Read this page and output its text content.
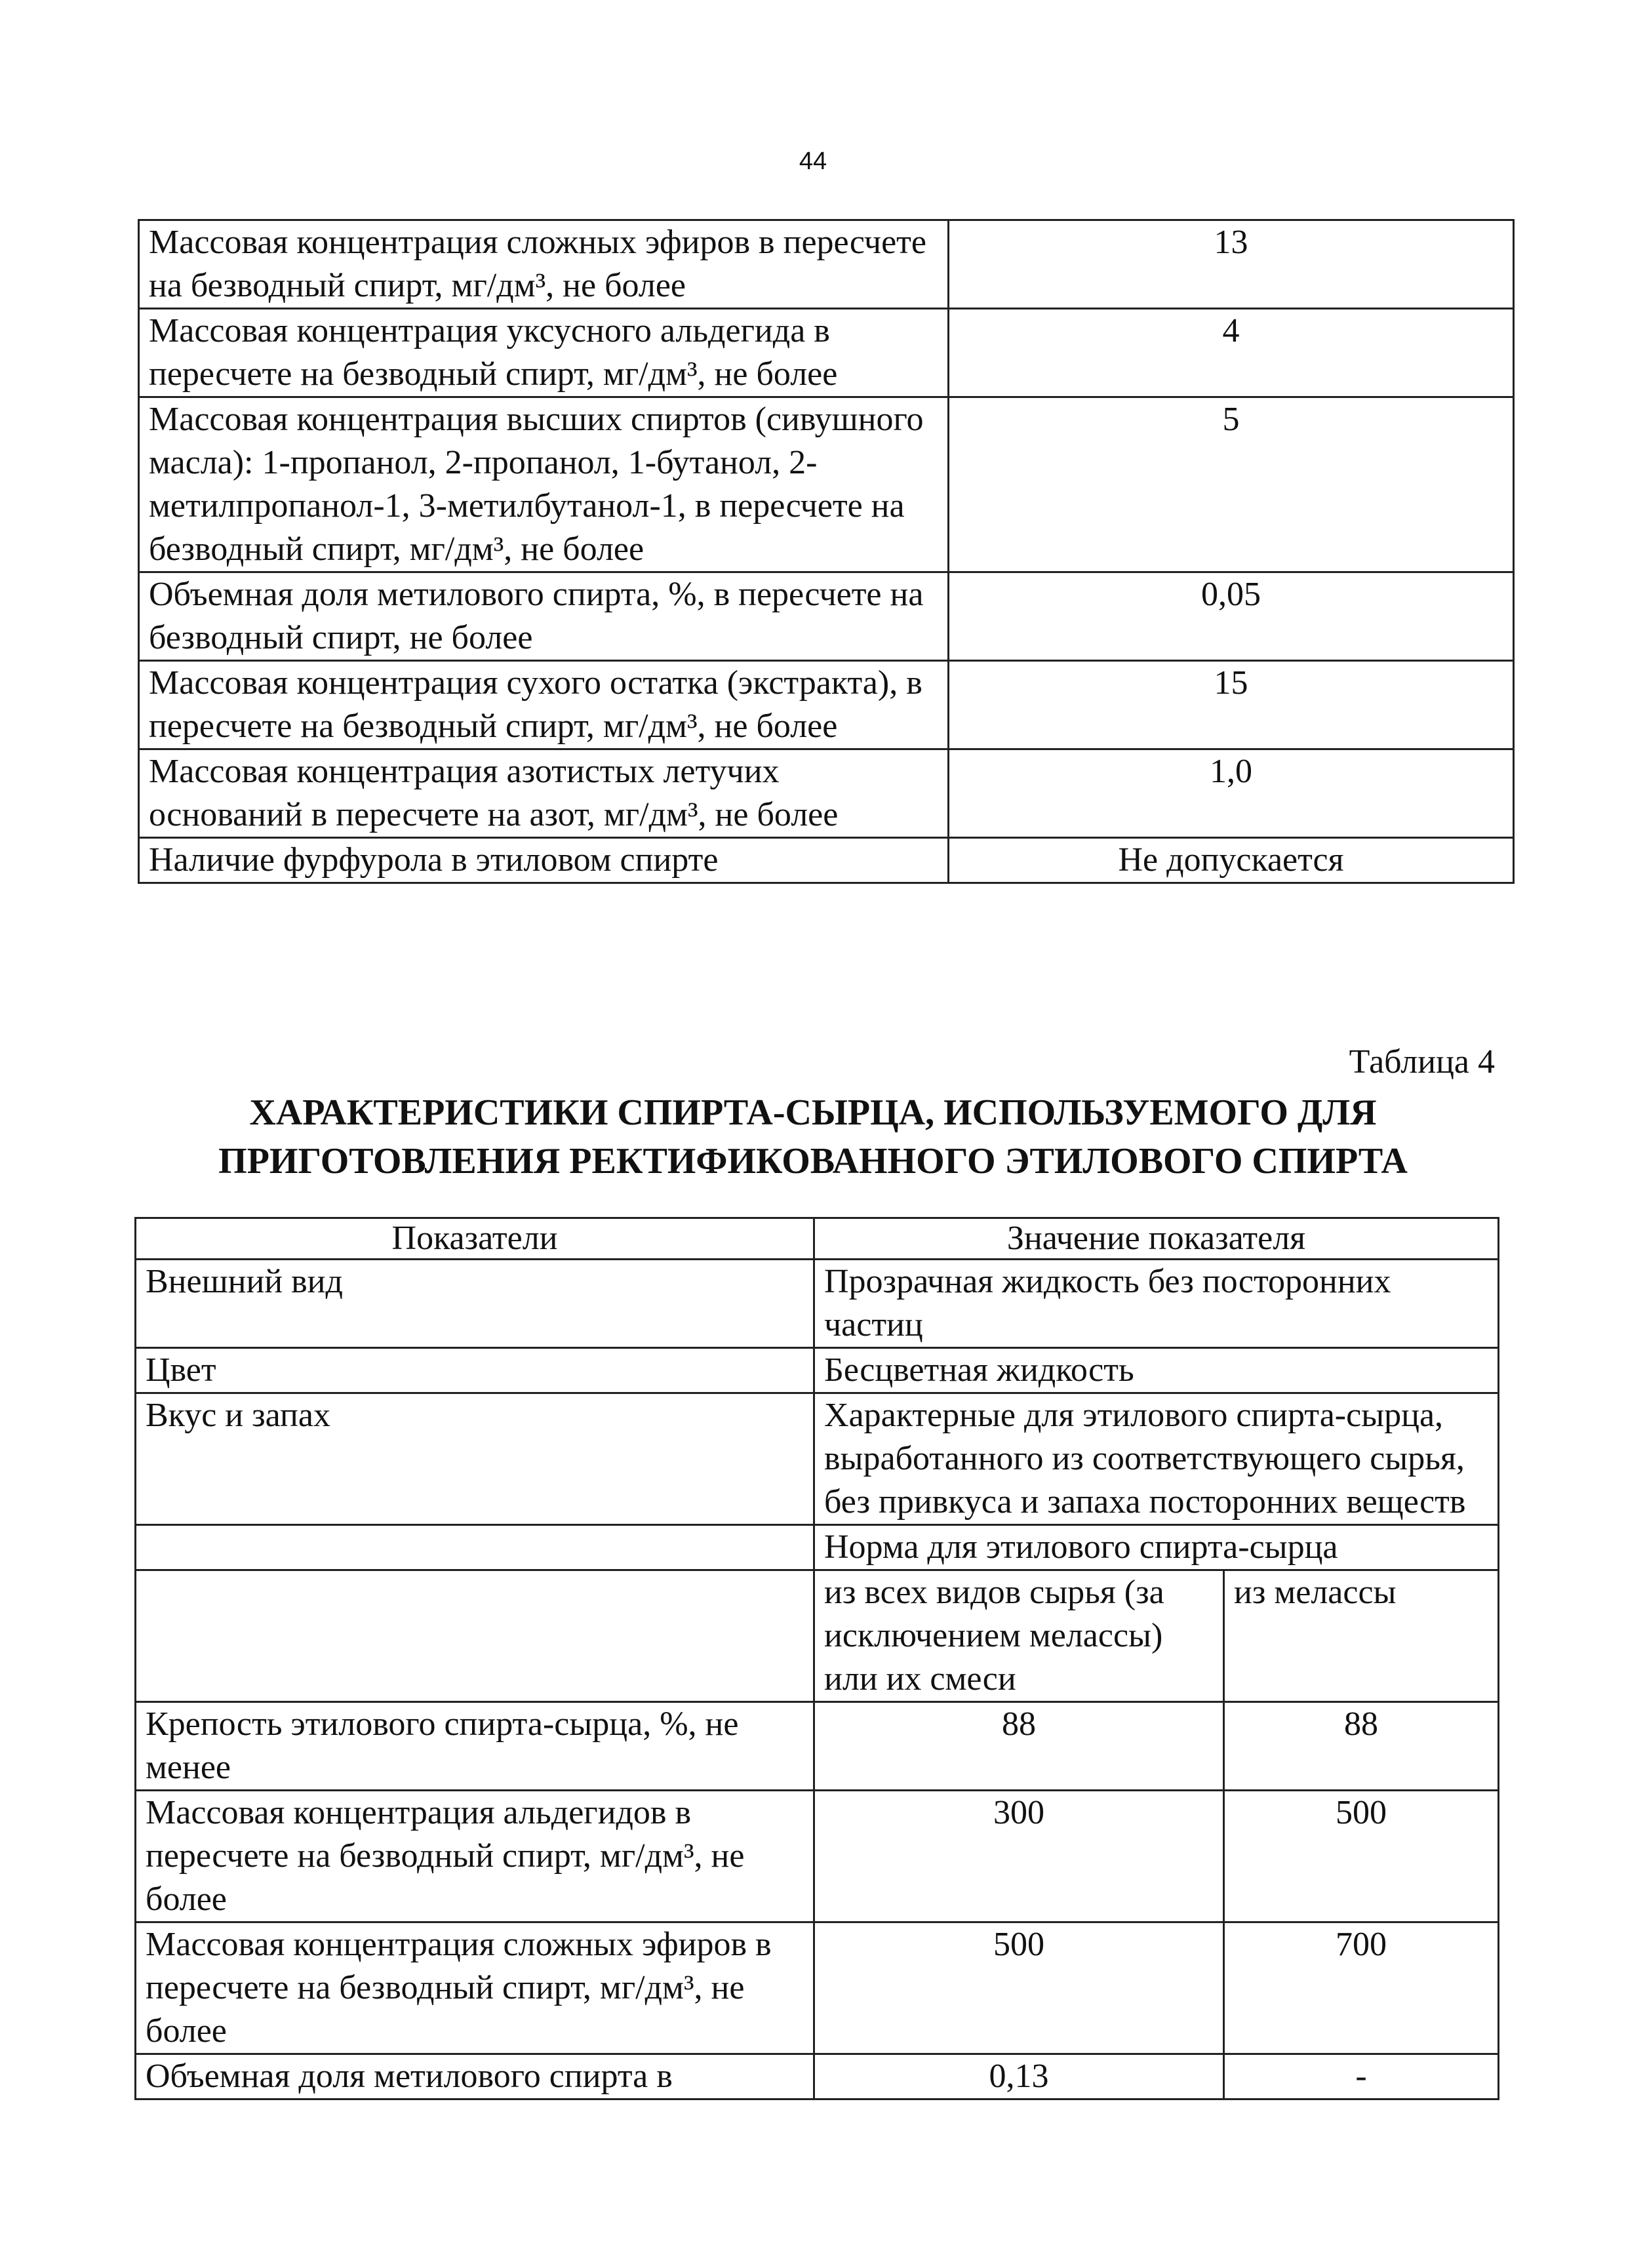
44
Массовая концентрация сложных эфиров в пересчете на безводный спирт, мг/дм³, не более	13
Массовая концентрация уксусного альдегида в пересчете на безводный спирт, мг/дм³, не более	4
Массовая концентрация высших спиртов (сивушного масла): 1-пропанол, 2-пропанол, 1-бутанол, 2-метилпропанол-1, 3-метилбутанол-1, в пересчете на безводный спирт, мг/дм³, не более	5
Объемная доля метилового спирта, %, в пересчете на безводный спирт, не более	0,05
Массовая концентрация сухого остатка (экстракта), в пересчете на безводный спирт, мг/дм³, не более	15
Массовая концентрация азотистых летучих оснований в пересчете на азот, мг/дм³, не более	1,0
Наличие фурфурола в этиловом спирте	Не допускается
Таблица 4
ХАРАКТЕРИСТИКИ СПИРТА-СЫРЦА, ИСПОЛЬЗУЕМОГО ДЛЯ ПРИГОТОВЛЕНИЯ РЕКТИФИКОВАННОГО ЭТИЛОВОГО СПИРТА
Показатели	Значение показателя	
Внешний вид	Прозрачная жидкость без посторонних частиц	
Цвет	Бесцветная жидкость	
Вкус и запах	Характерные для этилового спирта-сырца, выработанного из соответствующего сырья, без привкуса и запаха посторонних веществ	
	Норма для этилового спирта-сырца	
	из всех видов сырья (за исключением мелассы) или их смеси	из мелассы
Крепость этилового спирта-сырца, %, не менее	88	88
Массовая концентрация альдегидов в пересчете на безводный спирт, мг/дм³, не более	300	500
Массовая концентрация сложных эфиров в пересчете на безводный спирт, мг/дм³, не более	500	700
Объемная доля метилового спирта в	0,13	-
